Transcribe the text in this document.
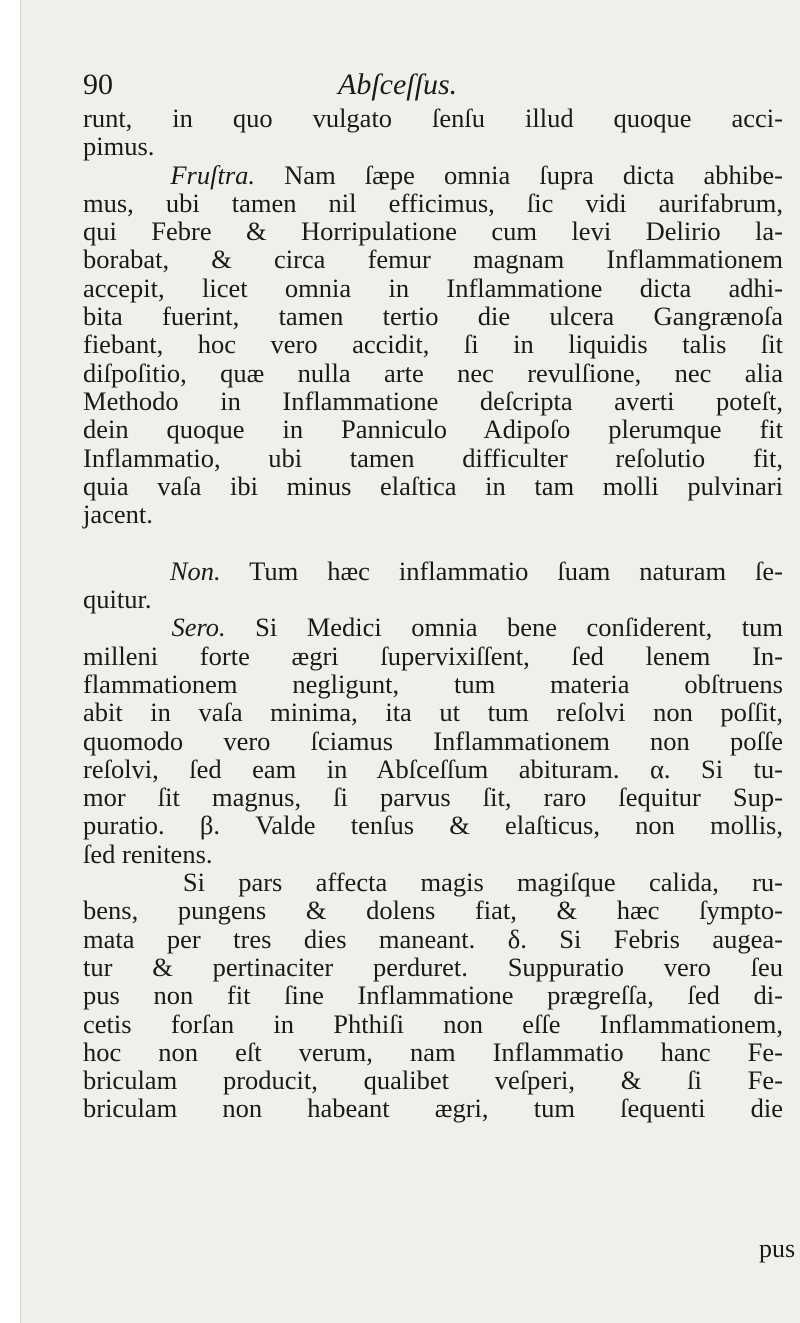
90	Abſceſſus.
runt, in quo vulgato ſenſu illud quoque acci-
pimus.
Fruſtra. Nam ſæpe omnia ſupra dicta abhibe-
mus, ubi tamen nil efficimus, ſic vidi aurifabrum,
qui Febre & Horripulatione cum levi Delirio la-
borabat, & circa femur magnam Inflammationem
accepit, licet omnia in Inflammatione dicta adhi-
bita fuerint, tamen tertio die ulcera Gangrænoſa
fiebant, hoc vero accidit, ſi in liquidis talis ſit
diſpoſitio, quæ nulla arte nec revulſione, nec alia
Methodo in Inflammatione deſcripta averti poteſt,
dein quoque in Panniculo Adipoſo plerumque fit
Inflammatio, ubi tamen difficulter reſolutio fit,
quia vaſa ibi minus elaſtica in tam molli pulvinari
jacent.
Non. Tum hæc inflammatio ſuam naturam ſe-
quitur.
Sero. Si Medici omnia bene conſiderent, tum
milleni forte ægri ſupervixiſſent, ſed lenem In-
flammationem negligunt, tum materia obſtruens
abit in vaſa minima, ita ut tum reſolvi non poſſit,
quomodo vero ſciamus Inflammationem non poſſe
reſolvi, ſed eam in Abſceſſum abituram. α. Si tu-
mor ſit magnus, ſi parvus ſit, raro ſequitur Sup-
puratio. β. Valde tenſus & elaſticus, non mollis,
ſed renitens.
Si pars affecta magis magiſque calida, ru-
bens, pungens & dolens fiat, & hæc ſympto-
mata per tres dies maneant. δ. Si Febris augea-
tur & pertinaciter perduret. Suppuratio vero ſeu
pus non fit ſine Inflammatione prægreſſa, ſed di-
cetis forſan in Phthiſi non eſſe Inflammationem,
hoc non eſt verum, nam Inflammatio hanc Fe-
briculam producit, qualibet veſperi, & ſi Fe-
briculam non habeant ægri, tum ſequenti die
pus
